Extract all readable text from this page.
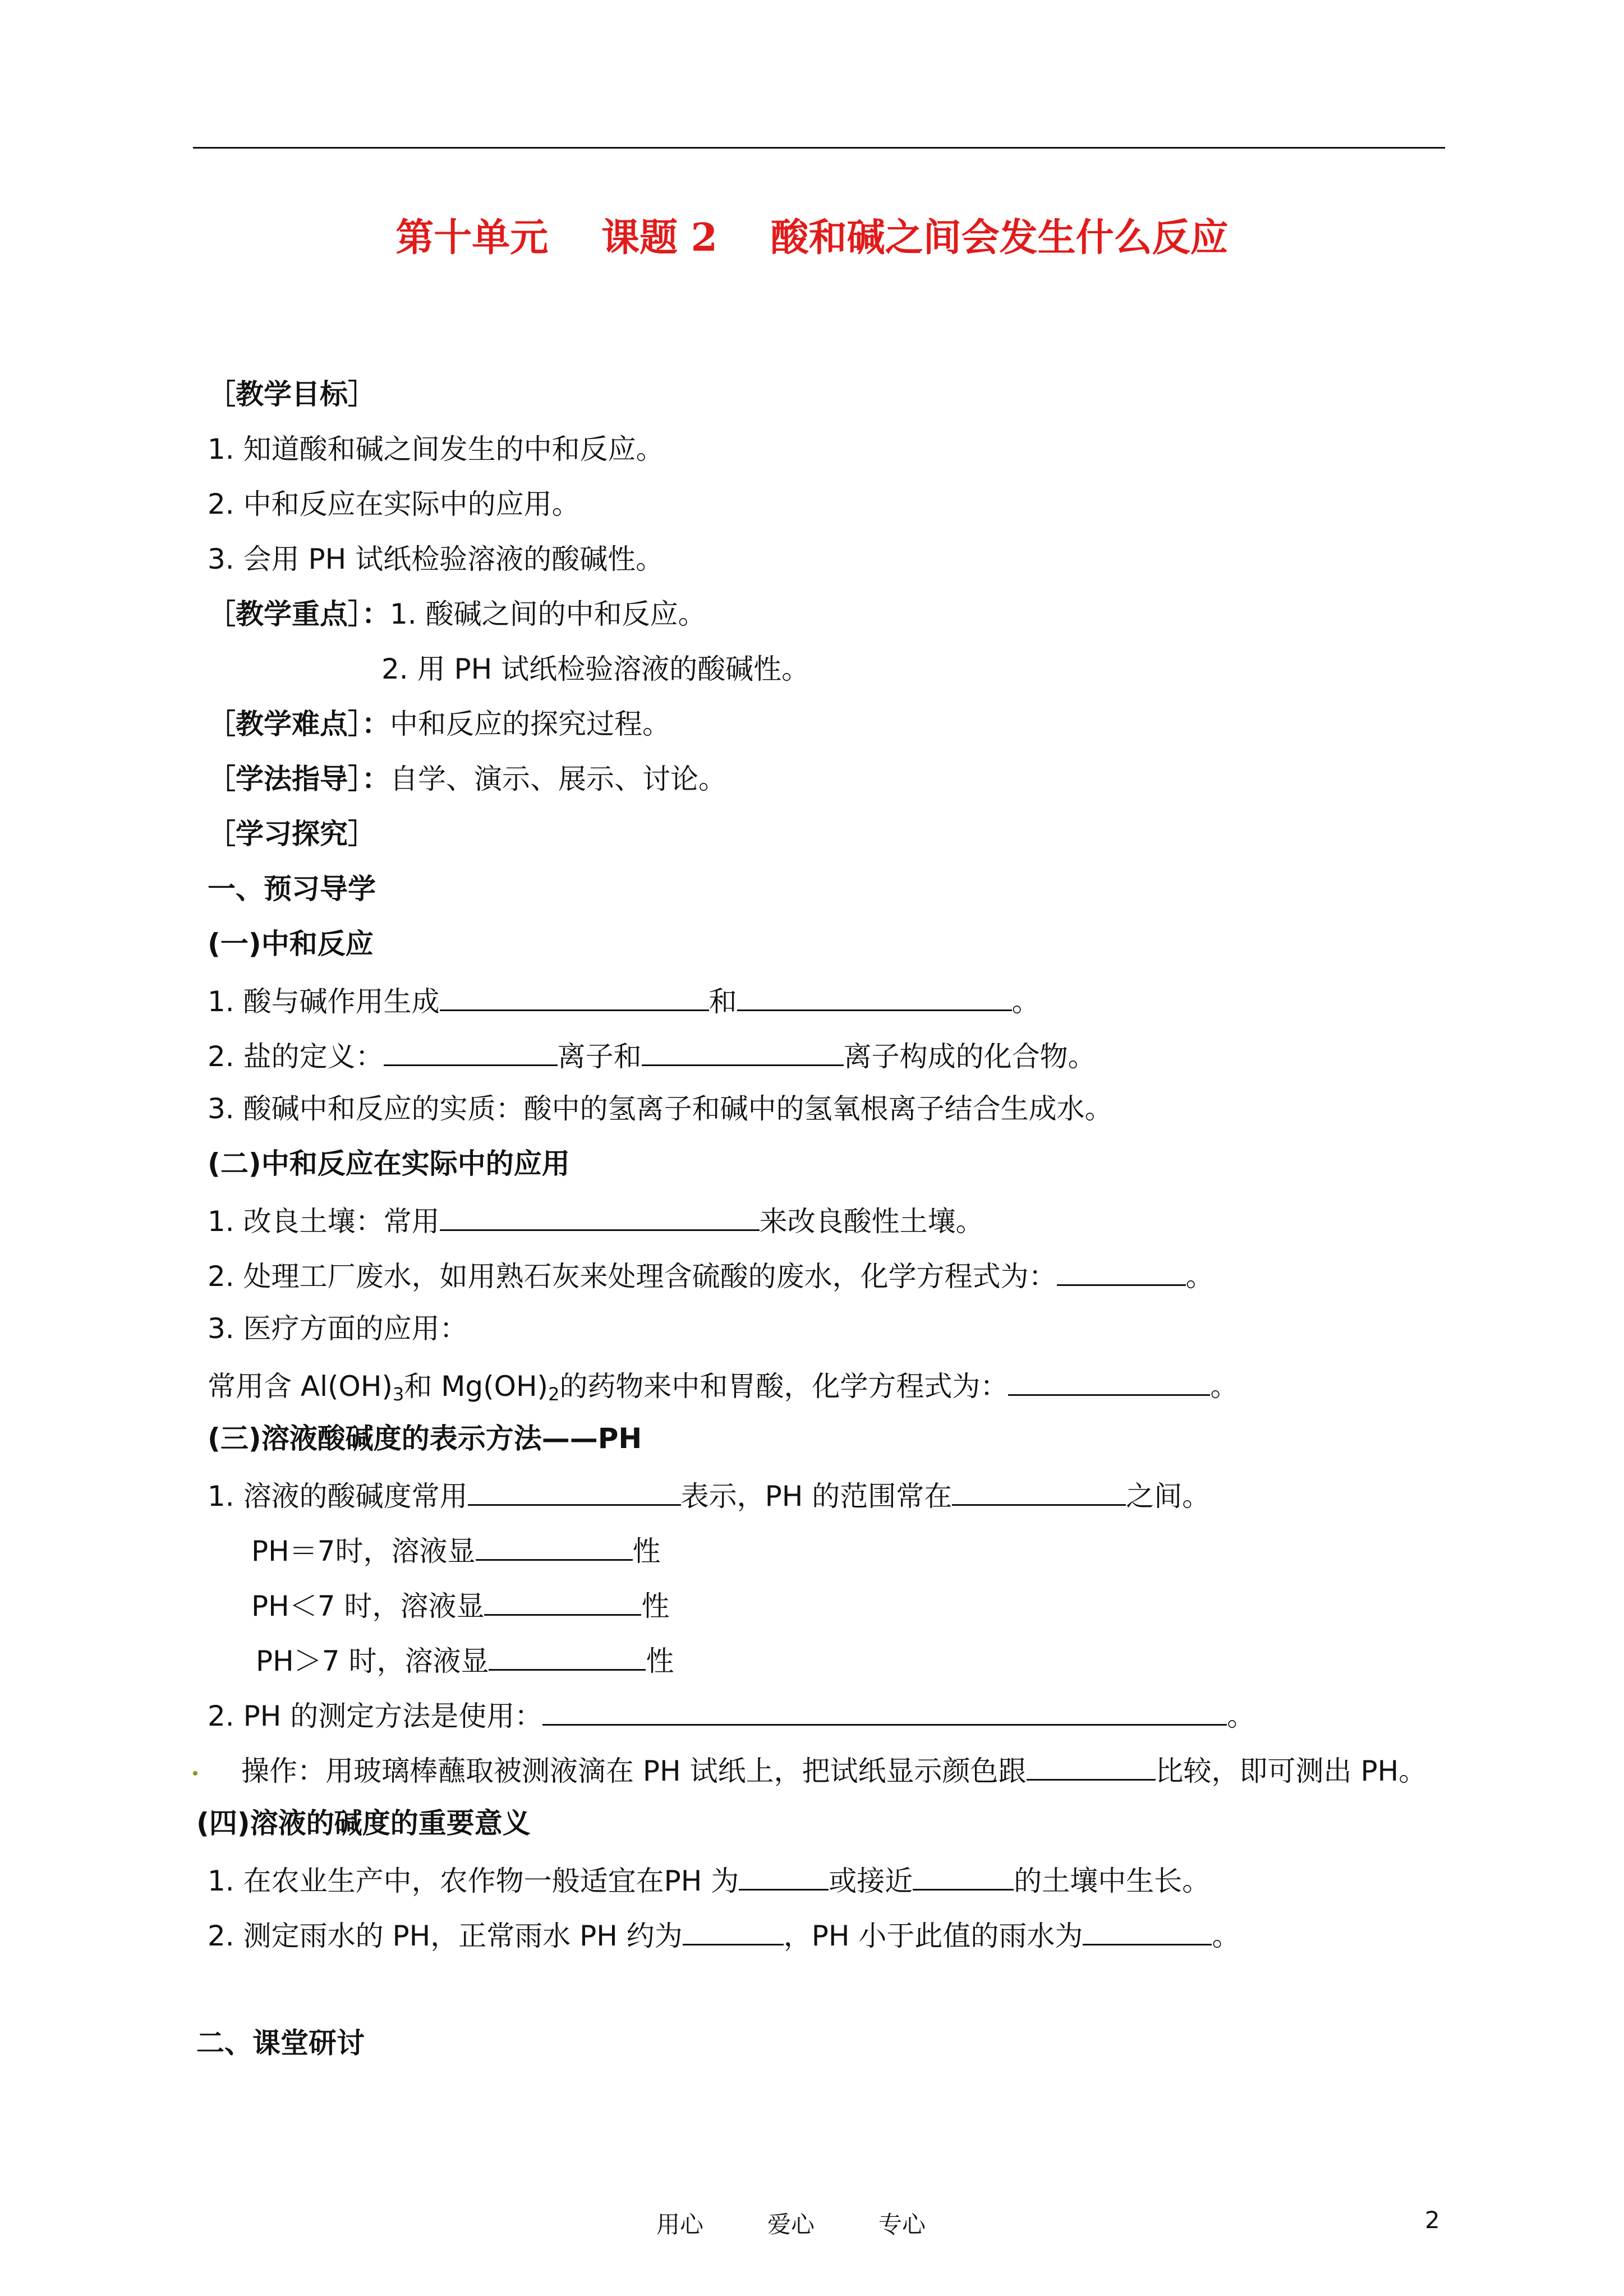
第十单元    课题 2    酸和碱之间会发生什么反应
［教学目标］
1. 知道酸和碱之间发生的中和反应。
2. 中和反应在实际中的应用。
3. 会用 PH 试纸检验溶液的酸碱性。
［教学重点］：1. 酸碱之间的中和反应。
2. 用 PH 试纸检验溶液的酸碱性。
［教学难点］：中和反应的探究过程。
［学法指导］：自学、演示、展示、讨论。
［学习探究］
一、预习导学
(一)中和反应
1. 酸与碱作用生成	和	。
2. 盐的定义：	离子和	离子构成的化合物。
3. 酸碱中和反应的实质：酸中的氢离子和碱中的氢氧根离子结合生成水。
(二)中和反应在实际中的应用
1. 改良土壤：常用	来改良酸性土壤。
2. 处理工厂废水，如用熟石灰来处理含硫酸的废水，化学方程式为：	。
3. 医疗方面的应用：
常用含 $Al(OH)_3$和 $Mg(OH)_2$的药物来中和胃酸，化学方程式为：	。
(三)溶液酸碱度的表示方法——PH
1. 溶液的酸碱度常用	表示，PH 的范围常在	之间。
PH＝7时，溶液显	性
PH＜7 时，溶液显	性
PH＞7 时，溶液显	性
2. PH 的测定方法是使用：	。
操作：用玻璃棒蘸取被测液滴在 PH 试纸上，把试纸显示颜色跟	比较，即可测出 PH。
(四)溶液的碱度的重要意义
1. 在农业生产中，农作物一般适宜在PH 为	或接近	的土壤中生长。
2. 测定雨水的 PH，正常雨水 PH 约为	，PH 小于此值的雨水为	。
二、课堂研讨
用心	爱心	专心	2
